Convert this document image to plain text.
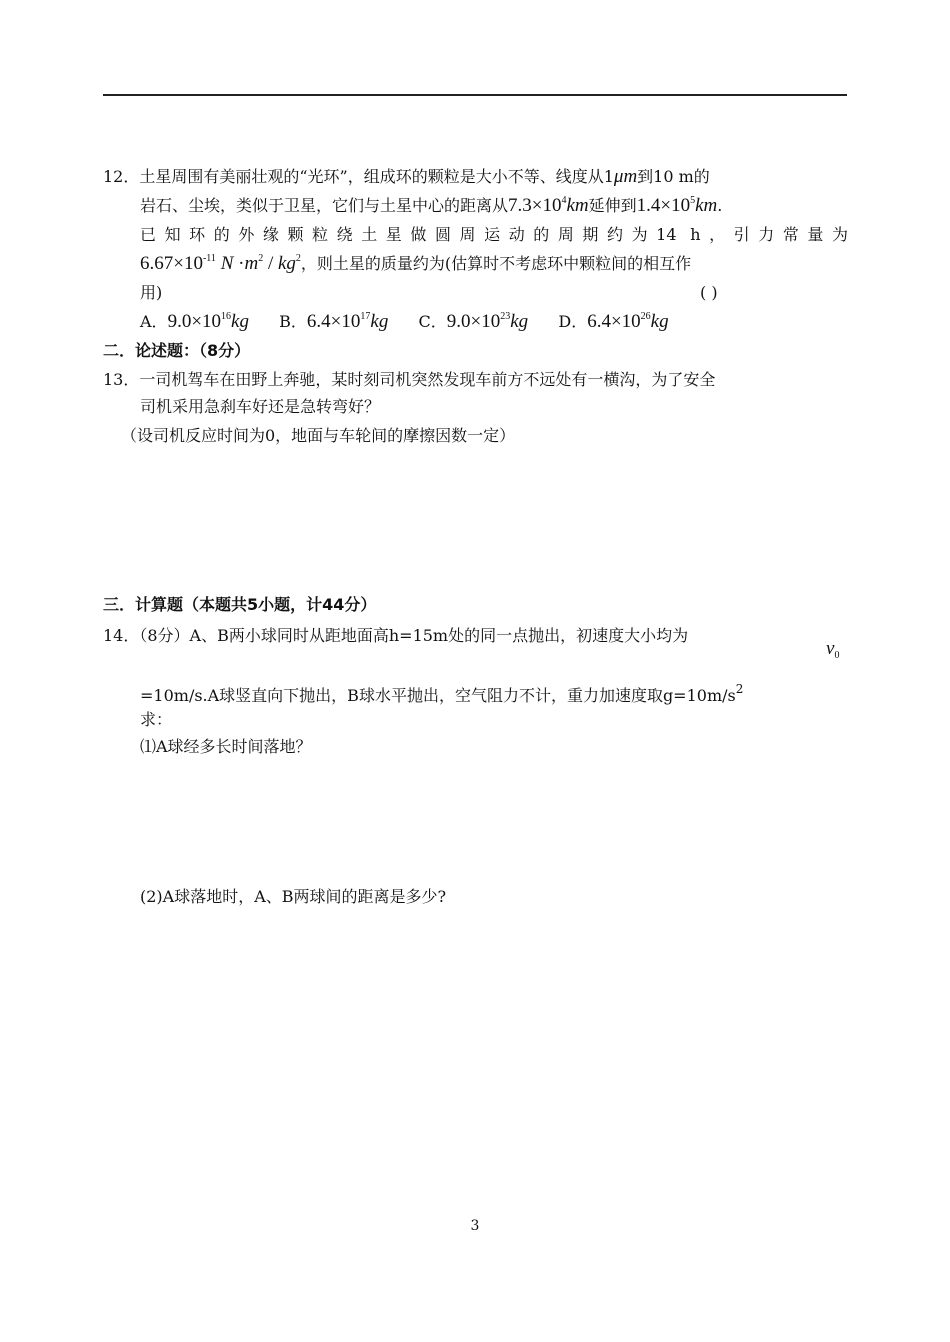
12．土星周围有美丽壮观的“光环”，组成环的颗粒是大小不等、线度从1μm到10 m的
岩石、尘埃，类似于卫星，它们与土星中心的距离从$7.3\times 10^4km$延伸到$1.4\times 10^5km$.
已知环的外缘颗粒绕土星做圆周运动的周期约为14 h，引力常量为
$6.67\times 10^{-11}$ $N \cdot m^2 / kg^2$，则土星的质量约为(估算时不考虑环中颗粒间的相互作
用)	( )
A．$9.0\times 10^{16}kg$ B．$6.4\times 10^{17}kg$ C．$9.0\times 10^{23}kg$ D．$6.4\times 10^{26}kg$
二．论述题：（8分）
13．一司机驾车在田野上奔驰，某时刻司机突然发现车前方不远处有一横沟，为了安全
司机采用急刹车好还是急转弯好？
（设司机反应时间为0，地面与车轮间的摩擦因数一定）
三．计算题（本题共5小题，计44分）
14．（8分）A、B两小球同时从距地面高h=15m处的同一点抛出，初速度大小均为
$v_0$
=10m/s.A球竖直向下抛出，B球水平抛出，空气阻力不计，重力加速度取$g=10m/s^2$
求：
⑴A球经多长时间落地？
(2)A球落地时，A、B两球间的距离是多少?
3
